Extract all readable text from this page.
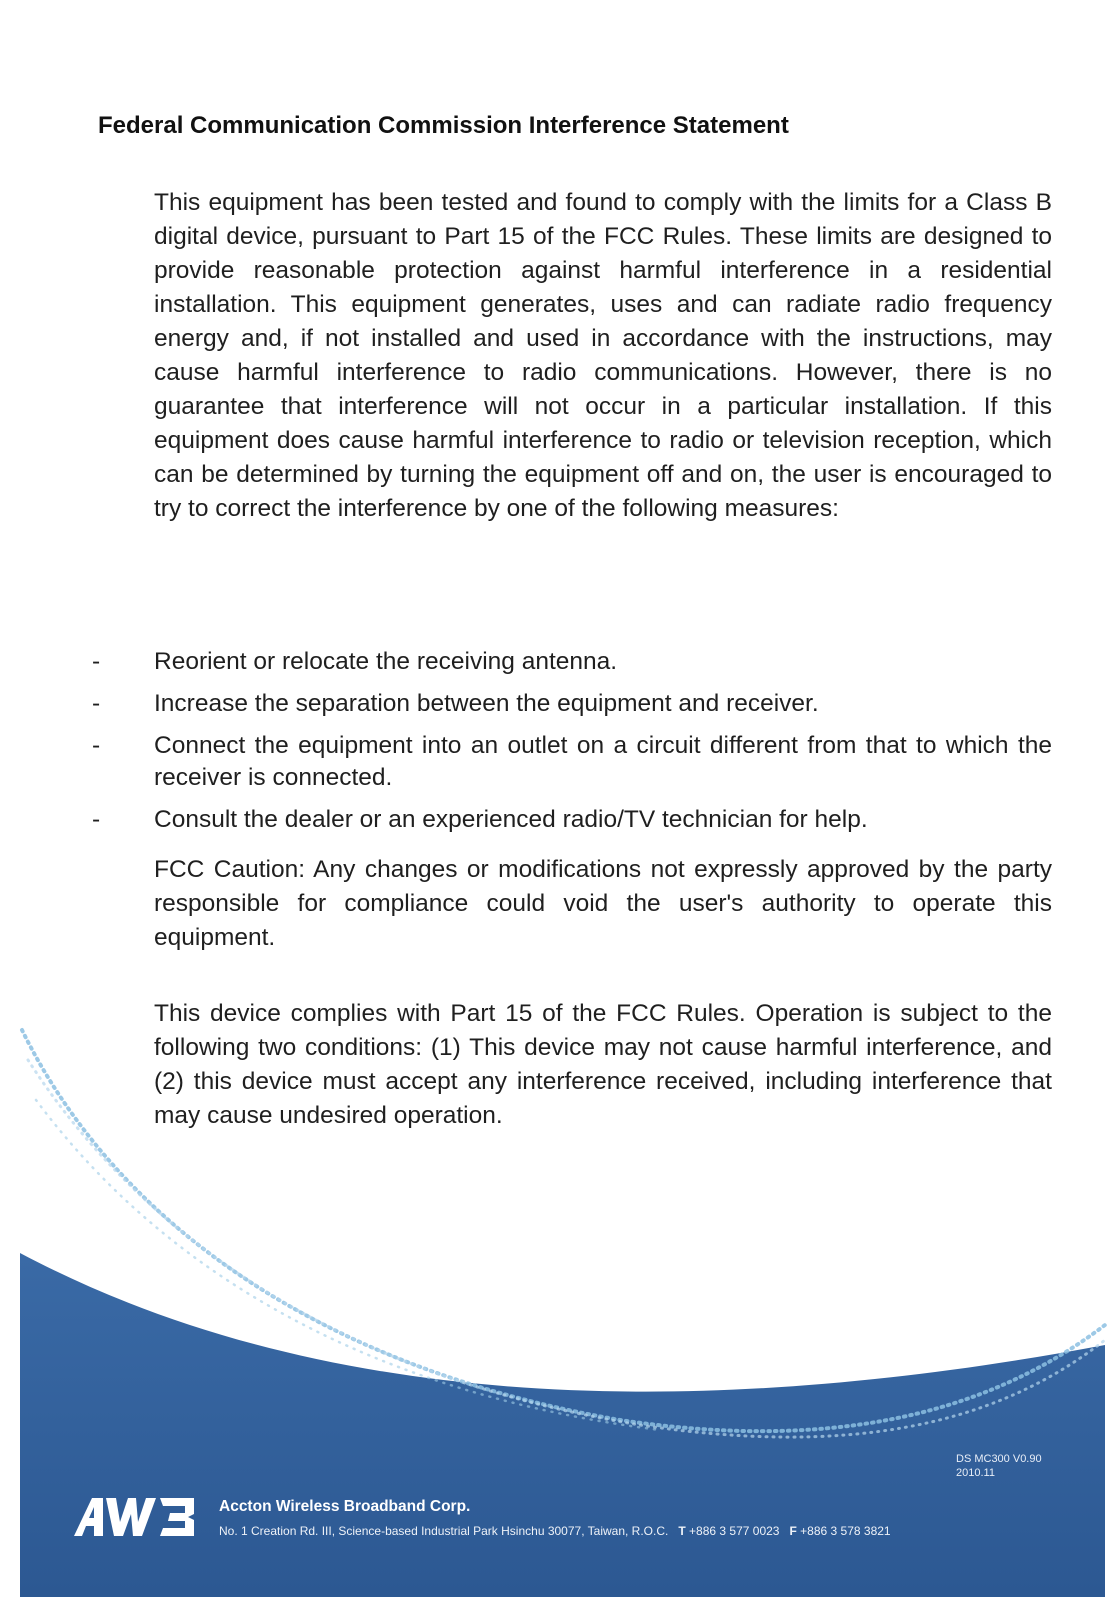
Federal Communication Commission Interference Statement

This equipment has been tested and found to comply with the limits for a Class B digital device, pursuant to Part 15 of the FCC Rules. These limits are designed to provide reasonable protection against harmful interference in a residential installation. This equipment generates, uses and can radiate radio frequency energy and, if not installed and used in accordance with the instructions, may cause harmful interference to radio communications. However, there is no guarantee that interference will not occur in a particular installation. If this equipment does cause harmful interference to radio or television reception, which can be determined by turning the equipment off and on, the user is encouraged to try to correct the interference by one of the following measures:

- Reorient or relocate the receiving antenna.
- Increase the separation between the equipment and receiver.
- Connect the equipment into an outlet on a circuit different from that to which the receiver is connected.
- Consult the dealer or an experienced radio/TV technician for help.

FCC Caution: Any changes or modifications not expressly approved by the party responsible for compliance could void the user's authority to operate this equipment.

This device complies with Part 15 of the FCC Rules. Operation is subject to the following two conditions: (1) This device may not cause harmful interference, and (2) this device must accept any interference received, including interference that may cause undesired operation.

DS MC300 V0.90
2010.11
Accton Wireless Broadband Corp.
No. 1 Creation Rd. III, Science-based Industrial Park Hsinchu 30077, Taiwan, R.O.C. T +886 3 577 0023 F +886 3 578 3821
